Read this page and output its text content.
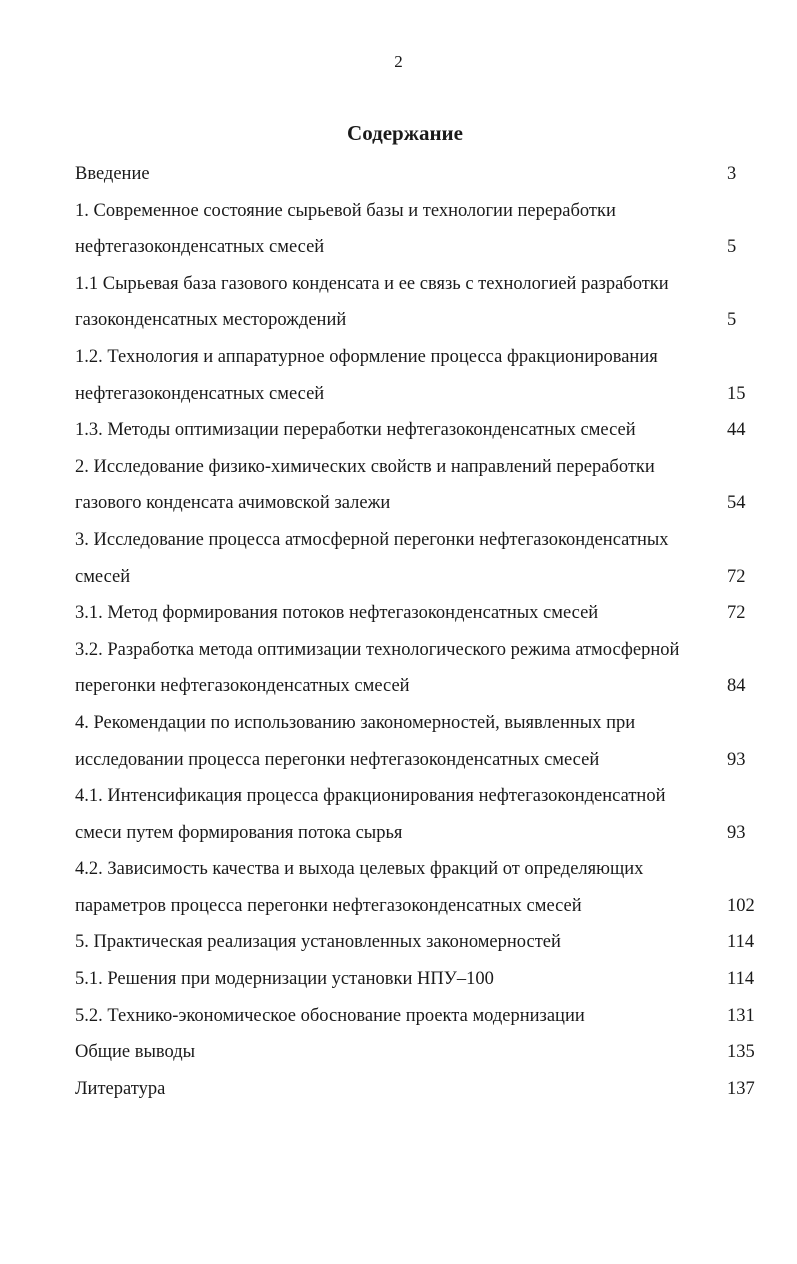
2
Содержание
Введение	3
1. Современное состояние сырьевой базы и технологии переработки
нефтегазоконденсатных смесей	5
1.1 Сырьевая база газового конденсата и ее связь с технологией разработки
газоконденсатных месторождений	5
1.2. Технология и аппаратурное оформление процесса фракционирования
нефтегазоконденсатных смесей	15
1.3. Методы оптимизации переработки нефтегазоконденсатных смесей	44
2. Исследование физико-химических свойств и направлений переработки
газового конденсата ачимовской залежи	54
3. Исследование процесса атмосферной перегонки нефтегазоконденсатных
смесей	72
3.1. Метод формирования потоков нефтегазоконденсатных смесей	72
3.2. Разработка метода оптимизации технологического режима атмосферной
перегонки нефтегазоконденсатных смесей	84
4. Рекомендации по использованию закономерностей, выявленных при
исследовании процесса перегонки нефтегазоконденсатных смесей	93
4.1. Интенсификация процесса фракционирования нефтегазоконденсатной
смеси путем формирования потока сырья	93
4.2. Зависимость качества и выхода целевых фракций от определяющих
параметров процесса перегонки нефтегазоконденсатных смесей	102
5. Практическая реализация установленных закономерностей	114
5.1. Решения при модернизации установки НПУ–100	114
5.2. Технико-экономическое обоснование проекта модернизации	131
Общие выводы	135
Литература	137
